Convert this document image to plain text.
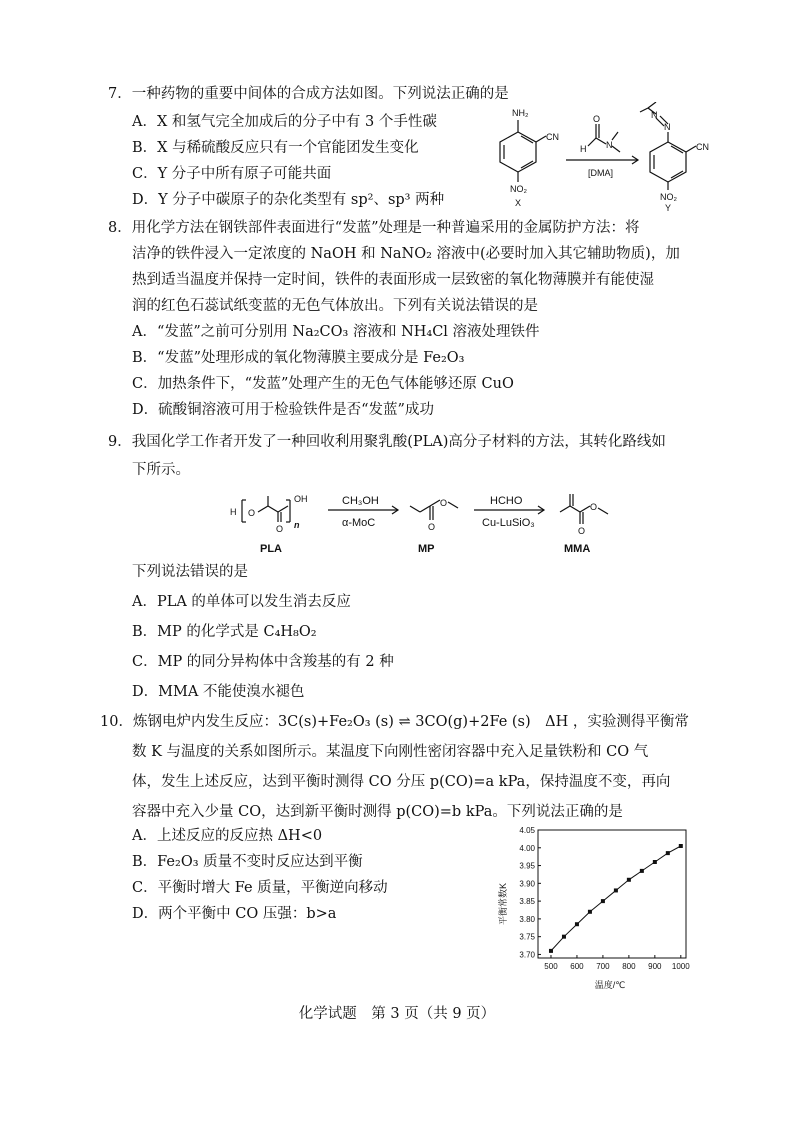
7．一种药物的重要中间体的合成方法如图。下列说法正确的是
A．X 和氢气完全加成后的分子中有 3 个手性碳
B．X 与稀硫酸反应只有一个官能团发生变化
C．Y 分子中所有原子可能共面
D．Y 分子中碳原子的杂化类型有 sp²、sp³ 两种
NH₂
CN
NO₂
X
H
O
N
[DMA]
N
N
CN
NO₂
Y
8．用化学方法在钢铁部件表面进行“发蓝”处理是一种普遍采用的金属防护方法：将
洁净的铁件浸入一定浓度的 NaOH 和 NaNO₂ 溶液中(必要时加入其它辅助物质)，加
热到适当温度并保持一定时间，铁件的表面形成一层致密的氧化物薄膜并有能使湿
润的红色石蕊试纸变蓝的无色气体放出。下列有关说法错误的是
A．“发蓝”之前可分别用 Na₂CO₃ 溶液和 NH₄Cl 溶液处理铁件
B．“发蓝”处理形成的氧化物薄膜主要成分是 Fe₂O₃
C．加热条件下，“发蓝”处理产生的无色气体能够还原 CuO
D．硫酸铜溶液可用于检验铁件是否“发蓝”成功
9．我国化学工作者开发了一种回收利用聚乳酸(PLA)高分子材料的方法，其转化路线如
下所示。
H O
O
OH
n
CH₃OH
α-MoC
O
O
HCHO
Cu-LuSiO₃
O
O
PLA	MP	MMA
下列说法错误的是
A．PLA 的单体可以发生消去反应
B．MP 的化学式是 C₄H₈O₂
C．MP 的同分异构体中含羧基的有 2 种
D．MMA 不能使溴水褪色
10．炼钢电炉内发生反应：3C(s)+Fe₂O₃ (s) ⇌ 3CO(g)+2Fe (s)　ΔH ，实验测得平衡常
数 K 与温度的关系如图所示。某温度下向刚性密闭容器中充入足量铁粉和 CO 气
体，发生上述反应，达到平衡时测得 CO 分压 p(CO)=a kPa，保持温度不变，再向
容器中充入少量 CO，达到新平衡时测得 p(CO)=b kPa。下列说法正确的是
A．上述反应的反应热 ΔH<0
B．Fe₂O₃ 质量不变时反应达到平衡
C．平衡时增大 Fe 质量，平衡逆向移动
D．两个平衡中 CO 压强：b>a
3.70
3.75
3.80
3.85
3.90
3.95
4.00
4.05
500 600 700 800 900 1000
平衡常数K
温度/℃
化学试题　第 3 页（共 9 页）
